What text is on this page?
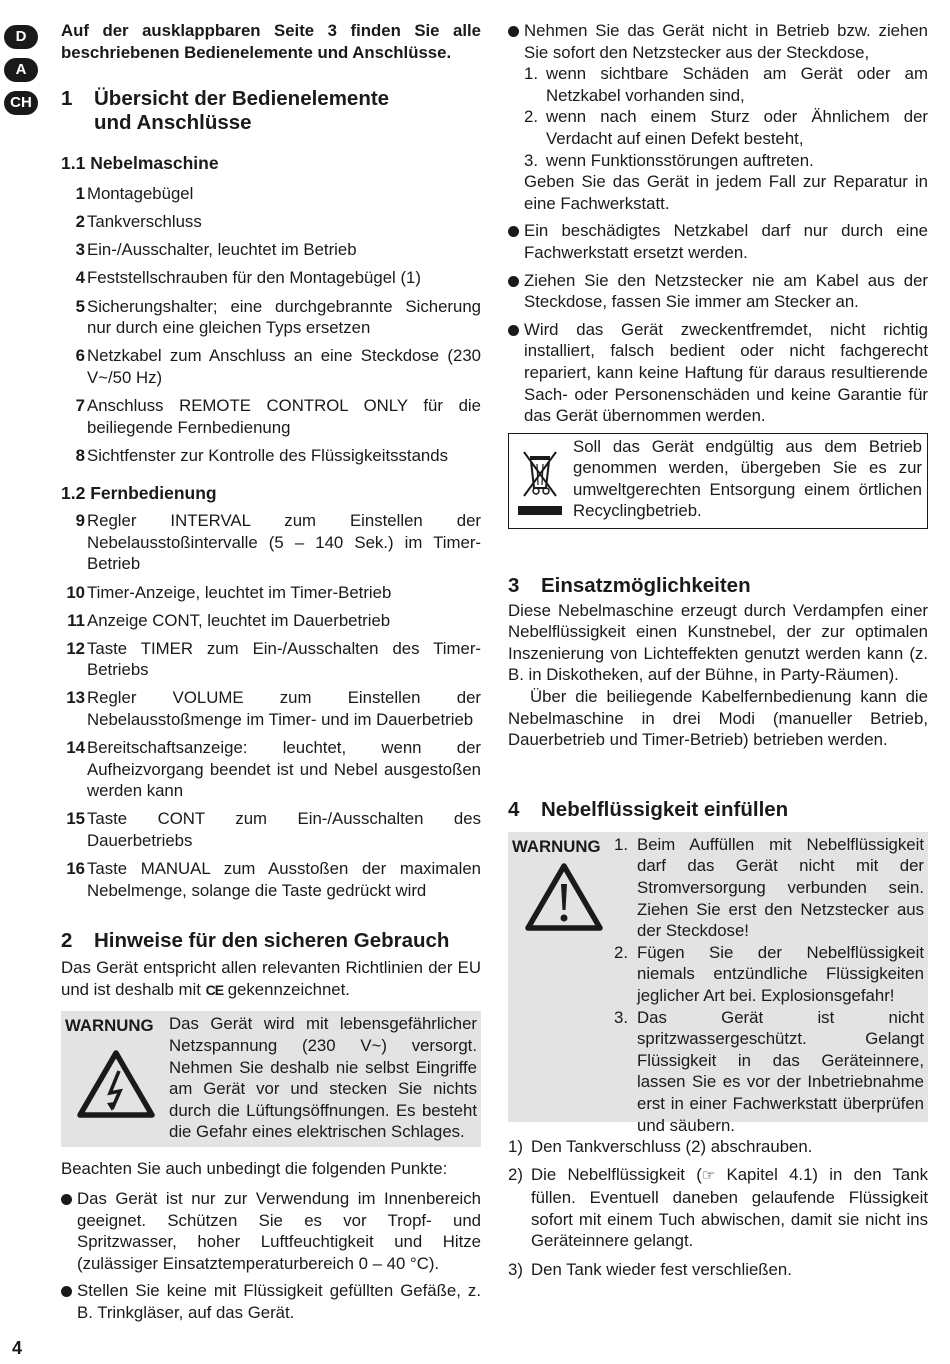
D
A
CH

Auf der ausklappbaren Seite 3 finden Sie alle beschriebenen Bedienelemente und Anschlüsse.

1 Übersicht der Bedienelemente
und Anschlüsse
1.1 Nebelmaschine
1 Montagebügel
2 Tankverschluss
3 Ein-/Ausschalter, leuchtet im Betrieb
4 Feststellschrauben für den Montagebügel (1)
5 Sicherungshalter; eine durchgebrannte Sicherung nur durch eine gleichen Typs ersetzen
6 Netzkabel zum Anschluss an eine Steckdose (230 V~/50 Hz)
7 Anschluss REMOTE CONTROL ONLY für die beiliegende Fernbedienung
8 Sichtfenster zur Kontrolle des Flüssigkeitsstands
1.2 Fernbedienung
9 Regler INTERVAL zum Einstellen der Nebelausstoßintervalle (5 – 140 Sek.) im Timer-Betrieb
10 Timer-Anzeige, leuchtet im Timer-Betrieb
11 Anzeige CONT, leuchtet im Dauerbetrieb
12 Taste TIMER zum Ein-/Ausschalten des Timer-Betriebs
13 Regler VOLUME zum Einstellen der Nebelausstoßmenge im Timer- und im Dauerbetrieb
14 Bereitschaftsanzeige: leuchtet, wenn der Aufheizvorgang beendet ist und Nebel ausgestoßen werden kann
15 Taste CONT zum Ein-/Ausschalten des Dauerbetriebs
16 Taste MANUAL zum Ausstoßen der maximalen Nebelmenge, solange die Taste gedrückt wird
2 Hinweise für den sicheren Gebrauch

Das Gerät entspricht allen relevanten Richtlinien der EU und ist deshalb mit CE gekennzeichnet.

WARNUNG Das Gerät wird mit lebensgefährlicher Netzspannung (230 V~) versorgt. Nehmen Sie deshalb nie selbst Eingriffe am Gerät vor und stecken Sie nichts durch die Lüftungsöffnungen. Es besteht die Gefahr eines elektrischen Schlages.

Beachten Sie auch unbedingt die folgenden Punkte:

Das Gerät ist nur zur Verwendung im Innenbereich geeignet. Schützen Sie es vor Tropf- und Spritzwasser, hoher Luftfeuchtigkeit und Hitze (zulässiger Einsatztemperaturbereich 0 – 40 °C).
Stellen Sie keine mit Flüssigkeit gefüllten Gefäße, z. B. Trinkgläser, auf das Gerät.
Nehmen Sie das Gerät nicht in Betrieb bzw. ziehen Sie sofort den Netzstecker aus der Steckdose,
1. wenn sichtbare Schäden am Gerät oder am Netzkabel vorhanden sind,
2. wenn nach einem Sturz oder Ähnlichem der Verdacht auf einen Defekt besteht,
3. wenn Funktionsstörungen auftreten.
Geben Sie das Gerät in jedem Fall zur Reparatur in eine Fachwerkstatt.
Ein beschädigtes Netzkabel darf nur durch eine Fachwerkstatt ersetzt werden.
Ziehen Sie den Netzstecker nie am Kabel aus der Steckdose, fassen Sie immer am Stecker an.
Wird das Gerät zweckentfremdet, nicht richtig installiert, falsch bedient oder nicht fachgerecht repariert, kann keine Haftung für daraus resultierende Sach- oder Personenschäden und keine Garantie für das Gerät übernommen werden.

Soll das Gerät endgültig aus dem Betrieb genommen werden, übergeben Sie es zur umweltgerechten Entsorgung einem örtlichen Recyclingbetrieb.

3 Einsatzmöglichkeiten

Diese Nebelmaschine erzeugt durch Verdampfen einer Nebelflüssigkeit einen Kunstnebel, der zur optimalen Inszenierung von Lichteffekten genutzt werden kann (z. B. in Diskotheken, auf der Bühne, in Party-Räumen).

Über die beiliegende Kabelfernbedienung kann die Nebelmaschine in drei Modi (manueller Betrieb, Dauerbetrieb und Timer-Betrieb) betrieben werden.

4 Nebelflüssigkeit einfüllen
WARNUNG 1. Beim Auffüllen mit Nebelflüssigkeit darf das Gerät nicht mit der Stromversorgung verbunden sein. Ziehen Sie erst den Netzstecker aus der Steckdose!
2. Fügen Sie der Nebelflüssigkeit niemals entzündliche Flüssigkeiten jeglicher Art bei. Explosionsgefahr!
3. Das Gerät ist nicht spritzwassergeschützt. Gelangt Flüssigkeit in das Geräteinnere, lassen Sie es vor der Inbetriebnahme erst in einer Fachwerkstatt überprüfen und säubern.
1) Den Tankverschluss (2) abschrauben.
2) Die Nebelflüssigkeit (☞ Kapitel 4.1) in den Tank füllen. Eventuell daneben gelaufende Flüssigkeit sofort mit einem Tuch abwischen, damit sie nicht ins Geräteinnere gelangt.
3) Den Tank wieder fest verschließen.
4
